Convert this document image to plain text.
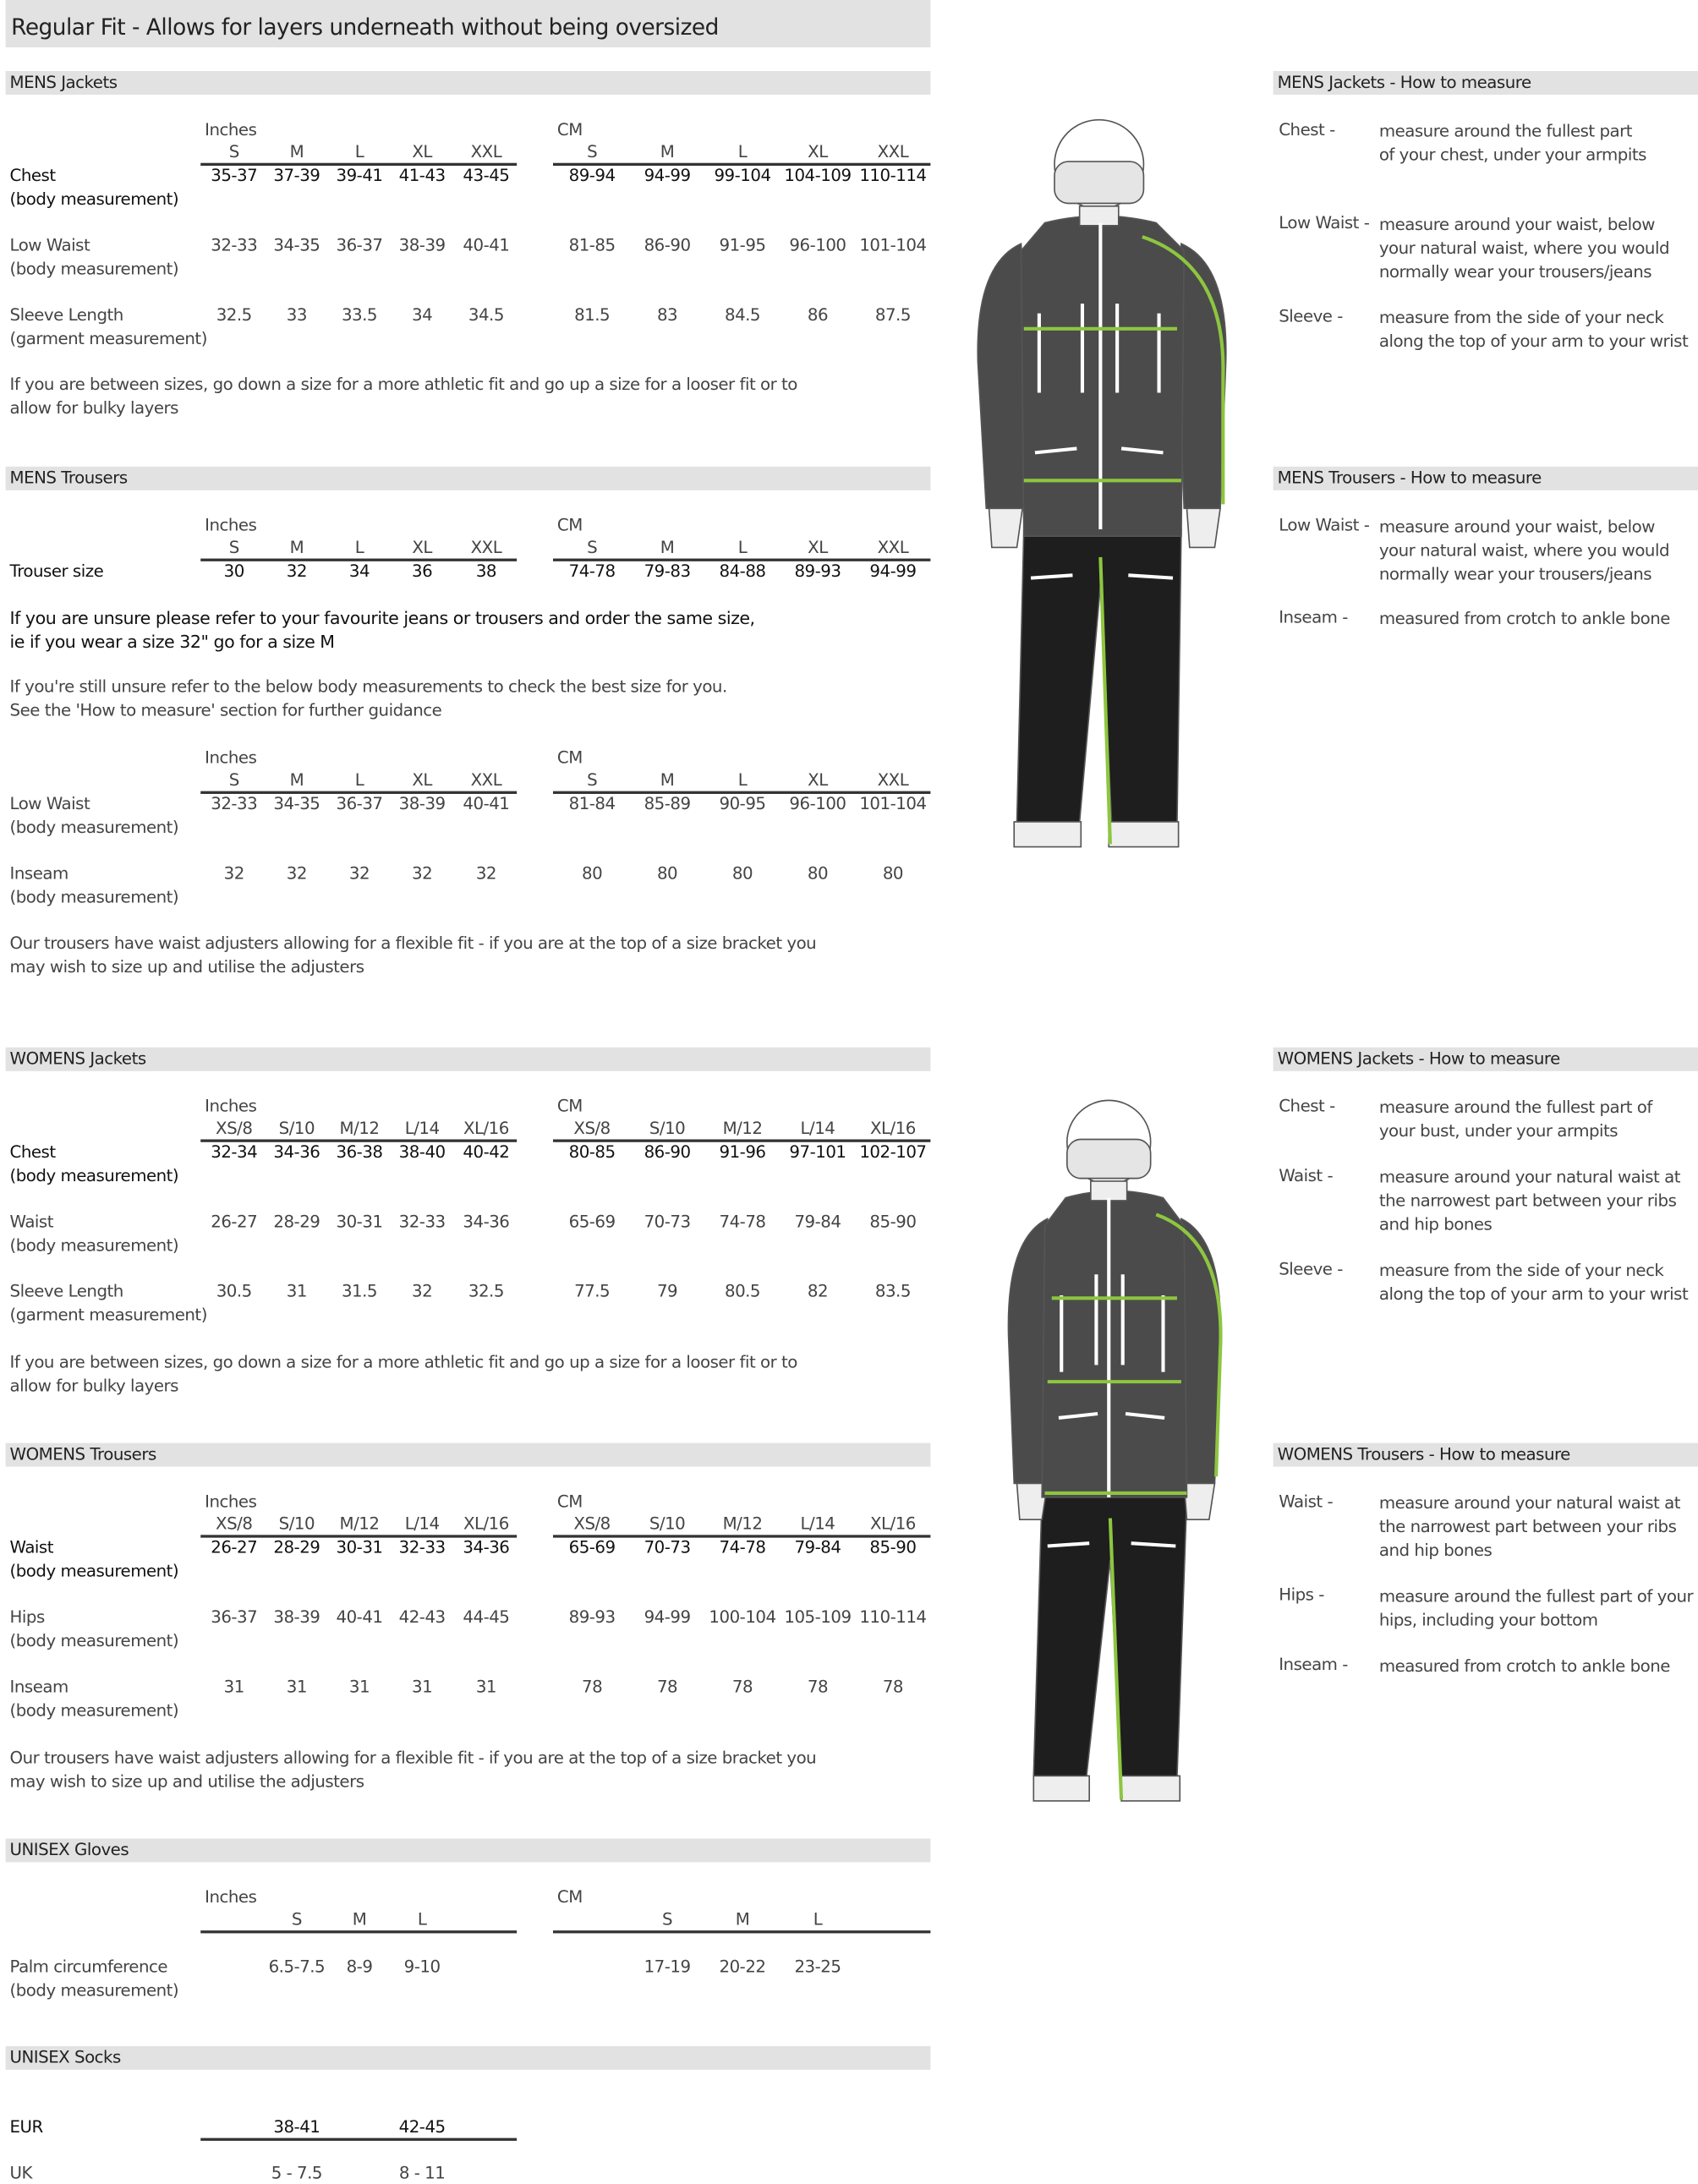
Regular Fit - Allows for layers underneath without being oversized
MENS Jackets
Inches	CM
S	M	L	XL	XXL	S	M	L	XL	XXL
Chest
(body measurement)
35-37 37-39 39-41 41-43 43-45	89-94	94-99 99-104 104-109 110-114
Low Waist
(body measurement)
32-33 34-35 36-37 38-39 40-41	81-85	86-90	91-95 96-100 101-104
Sleeve Length
(garment measurement)
32.5	33	33.5	34	34.5	81.5	83	84.5	86	87.5
If you are between sizes, go down a size for a more athletic fit and go up a size for a looser fit or to
allow for bulky layers
MENS Jackets - How to measure
Chest -	measure around the fullest part
of your chest, under your armpits
Low Waist - measure around your waist, below
your natural waist, where you would
normally wear your trousers/jeans
Sleeve -	measure from the side of your neck
along the top of your arm to your wrist
MENS Trousers
Inches	CM
S	M	L	XL	XXL	S	M	L	XL	XXL
Trouser size	30	32	34	36	38	74-78	79-83	84-88	89-93	94-99
If you are unsure please refer to your favourite jeans or trousers and order the same size,
ie if you wear a size 32" go for a size M
If you're still unsure refer to the below body measurements to check the best size for you.
See the 'How to measure' section for further guidance
Inches	CM
S	M	L	XL	XXL	S	M	L	XL	XXL
Low Waist
(body measurement)
32-33 34-35 36-37 38-39 40-41	81-84	85-89	90-95 96-100 101-104
Inseam
(body measurement)
32	32	32	32	32	80	80	80	80	80
Our trousers have waist adjusters allowing for a flexible fit - if you are at the top of a size bracket you
may wish to size up and utilise the adjusters
MENS Trousers - How to measure
Low Waist - measure around your waist, below
your natural waist, where you would
normally wear your trousers/jeans
Inseam -	measured from crotch to ankle bone
WOMENS Jackets
Inches	CM
XS/8	S/10 M/12	L/14 XL/16	XS/8	S/10	M/12	L/14	XL/16
Chest
(body measurement)
32-34 34-36 36-38 38-40 40-42	80-85	86-90	91-96 97-101 102-107
Waist
(body measurement)
26-27 28-29 30-31 32-33 34-36	65-69	70-73	74-78	79-84	85-90
Sleeve Length
(garment measurement)
30.5	31	31.5	32	32.5	77.5	79	80.5	82	83.5
If you are between sizes, go down a size for a more athletic fit and go up a size for a looser fit or to
allow for bulky layers
WOMENS Jackets - How to measure
Chest -	measure around the fullest part of
your bust, under your armpits
Waist -	measure around your natural waist at
the narrowest part between your ribs
and hip bones
Sleeve -	measure from the side of your neck
along the top of your arm to your wrist
WOMENS Trousers
Inches	CM
XS/8	S/10 M/12	L/14 XL/16	XS/8	S/10	M/12	L/14	XL/16
Waist
(body measurement)
26-27 28-29 30-31 32-33 34-36	65-69	70-73	74-78	79-84	85-90
Hips
(body measurement)
36-37 38-39 40-41 42-43 44-45	89-93	94-99 100-104 105-109 110-114
Inseam
(body measurement)
31	31	31	31	31	78	78	78	78	78
Our trousers have waist adjusters allowing for a flexible fit - if you are at the top of a size bracket you
may wish to size up and utilise the adjusters
WOMENS Trousers - How to measure
Waist -	measure around your natural waist at
the narrowest part between your ribs
and hip bones
Hips -	measure around the fullest part of your
hips, including your bottom
Inseam -	measured from crotch to ankle bone
UNISEX Gloves
Inches	CM
S	M	L	S	M	L
Palm circumference
(body measurement)
6.5-7.5 8-9	9-10	17-19	20-22	23-25
UNISEX Socks
EUR	38-41	42-45
UK	5 - 7.5	8 - 11
